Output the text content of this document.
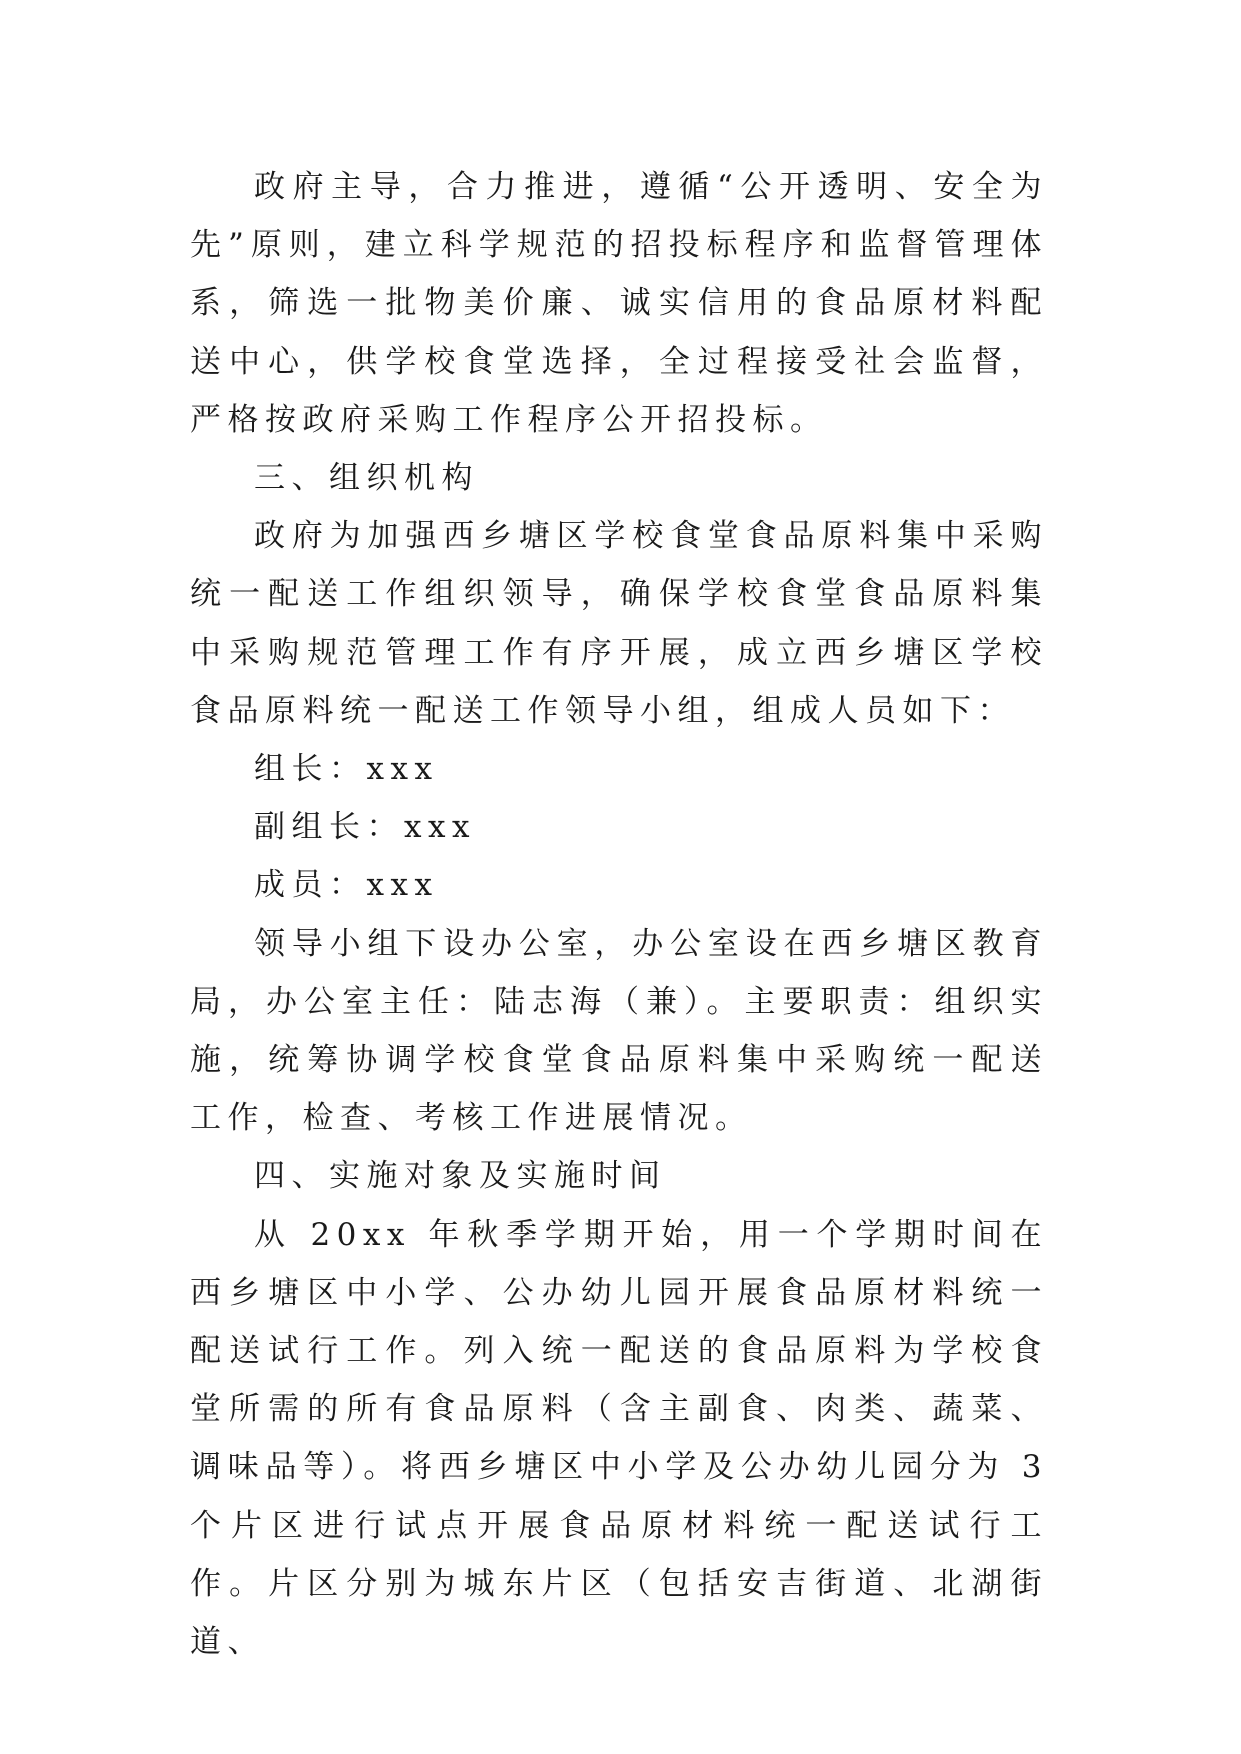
政府主导，合力推进，遵循“公开透明、安全为先”原则，建立科学规范的招投标程序和监督管理体系，筛选一批物美价廉、诚实信用的食品原材料配送中心，供学校食堂选择，全过程接受社会监督，严格按政府采购工作程序公开招投标。

三、组织机构

政府为加强西乡塘区学校食堂食品原料集中采购统一配送工作组织领导，确保学校食堂食品原料集中采购规范管理工作有序开展，成立西乡塘区学校食品原料统一配送工作领导小组，组成人员如下：

组长：xxx

副组长：xxx

成员：xxx

领导小组下设办公室，办公室设在西乡塘区教育局，办公室主任：陆志海（兼）。主要职责：组织实施，统筹协调学校食堂食品原料集中采购统一配送工作，检查、考核工作进展情况。

四、实施对象及实施时间

从 20xx 年秋季学期开始，用一个学期时间在西乡塘区中小学、公办幼儿园开展食品原材料统一配送试行工作。列入统一配送的食品原料为学校食堂所需的所有食品原料（含主副食、肉类、蔬菜、调味品等）。将西乡塘区中小学及公办幼儿园分为 3 个片区进行试点开展食品原材料统一配送试行工作。片区分别为城东片区（包括安吉街道、北湖街道、
